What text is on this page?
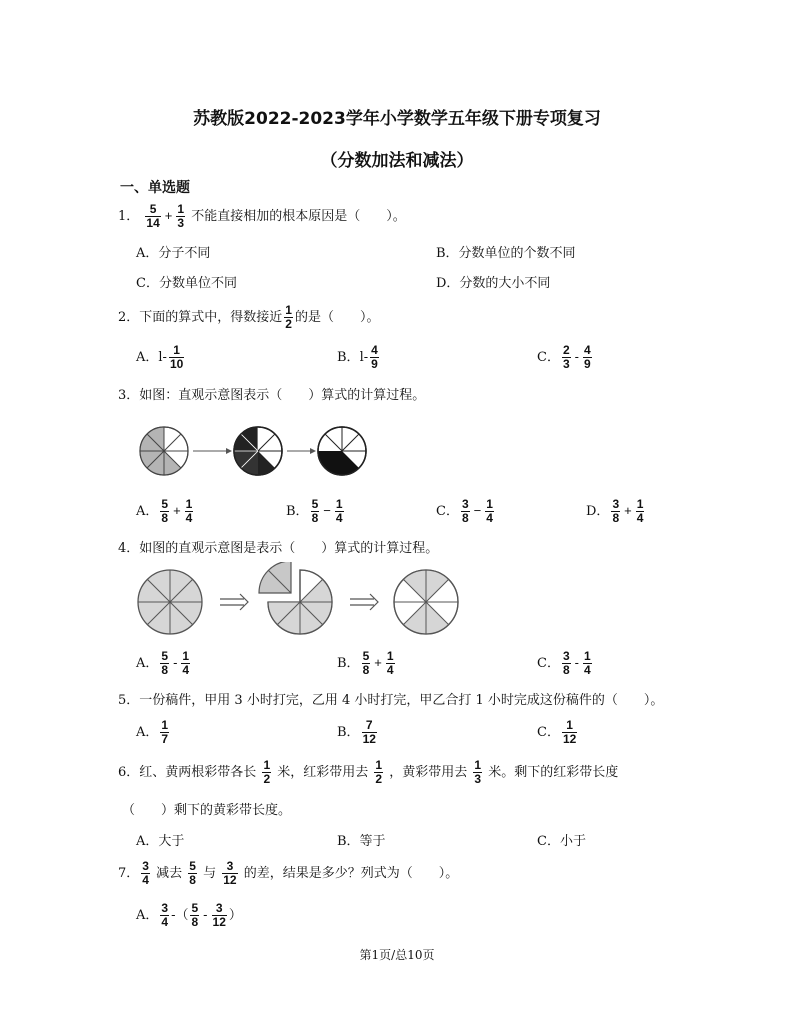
苏教版2022-2023学年小学数学五年级下册专项复习
（分数加法和减法）
一、单选题
1． $\frac{5}{14} + \frac{1}{3}$ 不能直接相加的根本原因是（　　）。
A．分子不同	B．分数单位的个数不同
C．分数单位不同	D．分数的大小不同
2．下面的算式中，得数接近 $\frac{1}{2}$ 的是（　　）。
A．$l- \frac{1}{10}$	B．$l- \frac{4}{9}$	C． $\frac{2}{3} - \frac{4}{9}$
3．如图：直观示意图表示（　　）算式的计算过程。
A． $\frac{5}{8} + \frac{1}{4}$	B． $\frac{5}{8} - \frac{1}{4}$	C． $\frac{3}{8} - \frac{1}{4}$	D． $\frac{3}{8} + \frac{1}{4}$
4．如图的直观示意图是表示（　　）算式的计算过程。
A． $\frac{5}{8} - \frac{1}{4}$	B． $\frac{5}{8} + \frac{1}{4}$	C． $\frac{3}{8} - \frac{1}{4}$
5．一份稿件，甲用 3 小时打完，乙用 4 小时打完，甲乙合打 1 小时完成这份稿件的（　　）。
A． $\frac{1}{7}$	B． $\frac{7}{12}$	C． $\frac{1}{12}$
6．红、黄两根彩带各长 $\frac{1}{2}$ 米，红彩带用去 $\frac{1}{2}$ ，黄彩带用去 $\frac{1}{3}$ 米。剩下的红彩带长度
（　　）剩下的黄彩带长度。
A．大于	B．等于	C．小于
7． $\frac{3}{4}$ 减去 $\frac{5}{8}$ 与 $\frac{3}{12}$ 的差，结果是多少？列式为（　　）。
A． $\frac{3}{4}$ -（ $\frac{5}{8} - \frac{3}{12}$ ）
第1页/总10页
